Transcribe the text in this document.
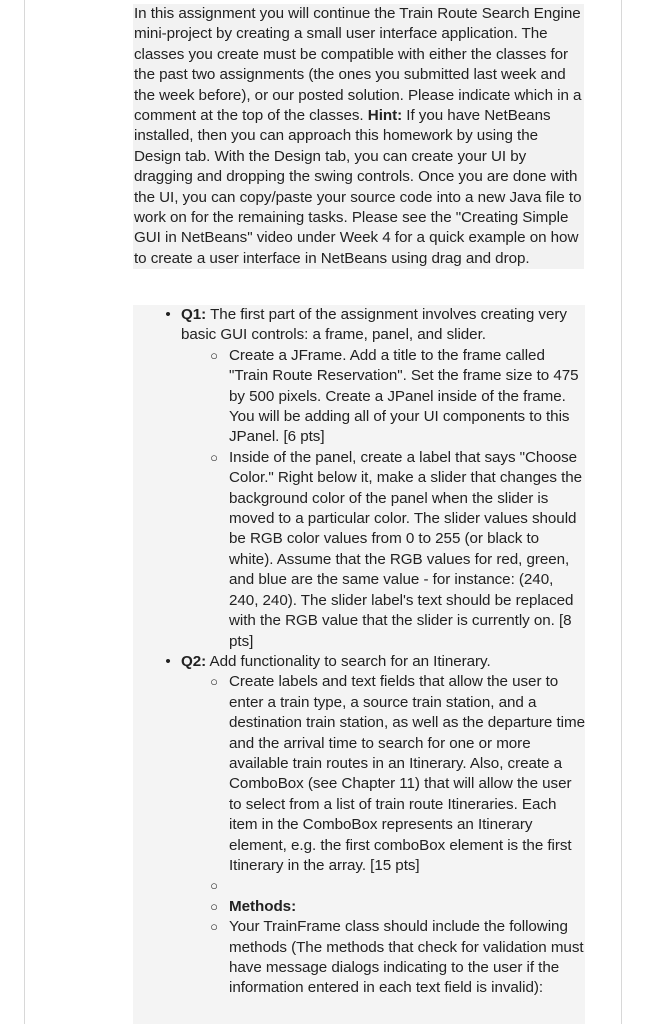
In this assignment you will continue the Train Route Search Engine mini-project by creating a small user interface application. The classes you create must be compatible with either the classes for the past two assignments (the ones you submitted last week and the week before), or our posted solution. Please indicate which in a comment at the top of the classes. Hint: If you have NetBeans installed, then you can approach this homework by using the Design tab. With the Design tab, you can create your UI by dragging and dropping the swing controls. Once you are done with the UI, you can copy/paste your source code into a new Java file to work on for the remaining tasks. Please see the "Creating Simple GUI in NetBeans" video under Week 4 for a quick example on how to create a user interface in NetBeans using drag and drop.

• Q1: The first part of the assignment involves creating very basic GUI controls: a frame, panel, and slider.
○ Create a JFrame. Add a title to the frame called "Train Route Reservation". Set the frame size to 475 by 500 pixels. Create a JPanel inside of the frame. You will be adding all of your UI components to this JPanel. [6 pts]
○ Inside of the panel, create a label that says "Choose Color." Right below it, make a slider that changes the background color of the panel when the slider is moved to a particular color. The slider values should be RGB color values from 0 to 255 (or black to white). Assume that the RGB values for red, green, and blue are the same value - for instance: (240, 240, 240). The slider label's text should be replaced with the RGB value that the slider is currently on. [8 pts]
• Q2: Add functionality to search for an Itinerary.
○ Create labels and text fields that allow the user to enter a train type, a source train station, and a destination train station, as well as the departure time and the arrival time to search for one or more available train routes in an Itinerary. Also, create a ComboBox (see Chapter 11) that will allow the user to select from a list of train route Itineraries. Each item in the ComboBox represents an Itinerary element, e.g. the first comboBox element is the first Itinerary in the array. [15 pts]
○
○ Methods:
○ Your TrainFrame class should include the following methods (The methods that check for validation must have message dialogs indicating to the user if the information entered in each text field is invalid):
